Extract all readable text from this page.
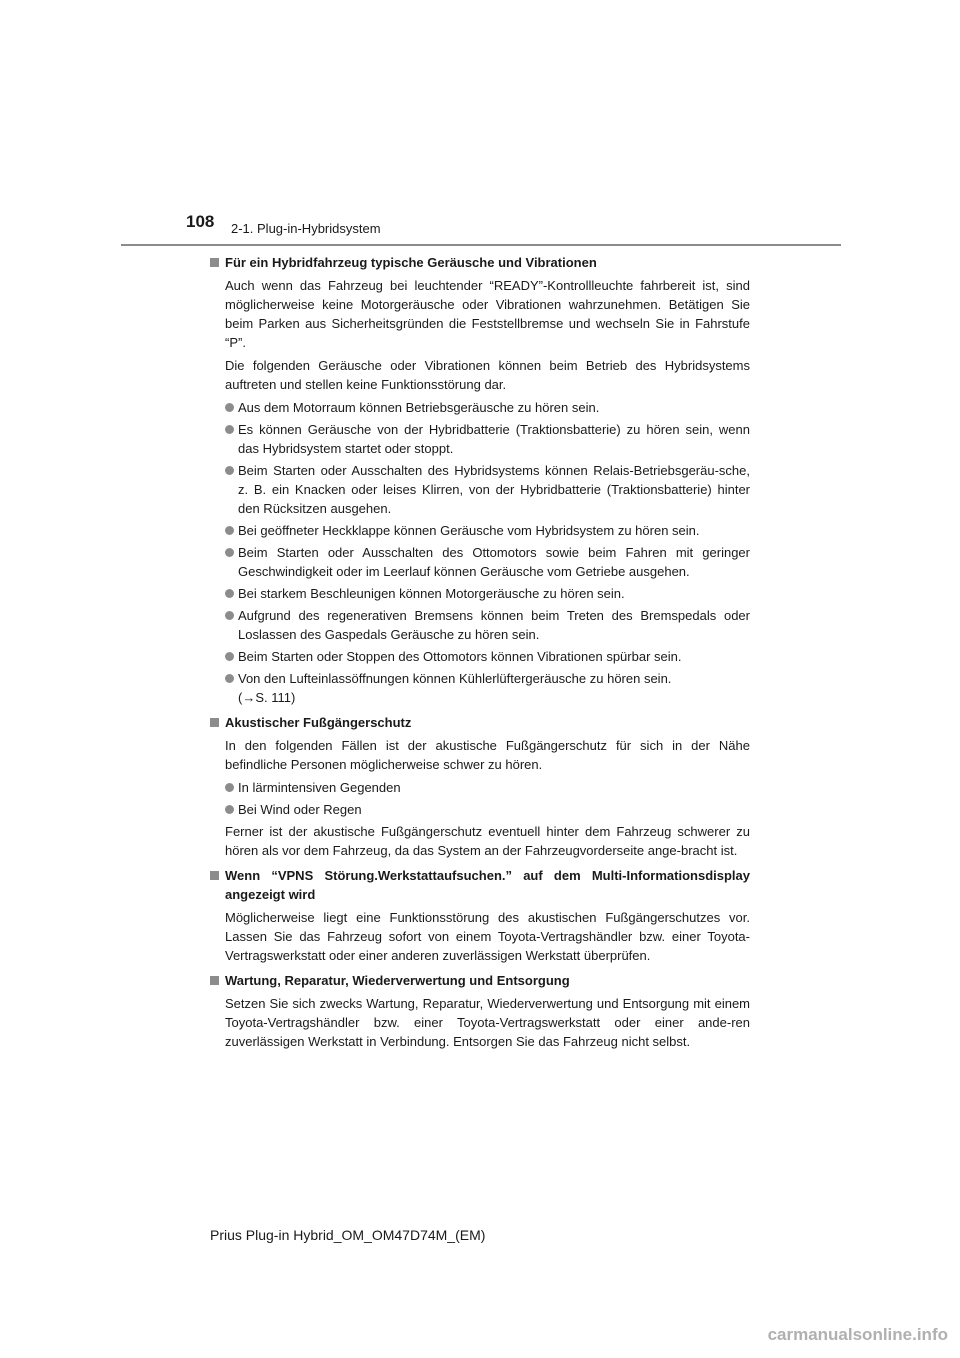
108 2-1. Plug-in-Hybridsystem
Für ein Hybridfahrzeug typische Geräusche und Vibrationen
Auch wenn das Fahrzeug bei leuchtender “READY”-Kontrollleuchte fahrbereit ist, sind möglicherweise keine Motorgeräusche oder Vibrationen wahrzunehmen. Betätigen Sie beim Parken aus Sicherheitsgründen die Feststellbremse und wechseln Sie in Fahrstufe “P”.
Die folgenden Geräusche oder Vibrationen können beim Betrieb des Hybridsystems auftreten und stellen keine Funktionsstörung dar.
Aus dem Motorraum können Betriebsgeräusche zu hören sein.
Es können Geräusche von der Hybridbatterie (Traktionsbatterie) zu hören sein, wenn das Hybridsystem startet oder stoppt.
Beim Starten oder Ausschalten des Hybridsystems können Relais-Betriebsgeräu-sche, z. B. ein Knacken oder leises Klirren, von der Hybridbatterie (Traktionsbatterie) hinter den Rücksitzen ausgehen.
Bei geöffneter Heckklappe können Geräusche vom Hybridsystem zu hören sein.
Beim Starten oder Ausschalten des Ottomotors sowie beim Fahren mit geringer Geschwindigkeit oder im Leerlauf können Geräusche vom Getriebe ausgehen.
Bei starkem Beschleunigen können Motorgeräusche zu hören sein.
Aufgrund des regenerativen Bremsens können beim Treten des Bremspedals oder Loslassen des Gaspedals Geräusche zu hören sein.
Beim Starten oder Stoppen des Ottomotors können Vibrationen spürbar sein.
Von den Lufteinlassöffnungen können Kühlerlüftergeräusche zu hören sein.
(→S. 111)
Akustischer Fußgängerschutz
In den folgenden Fällen ist der akustische Fußgängerschutz für sich in der Nähe befindliche Personen möglicherweise schwer zu hören.
In lärmintensiven Gegenden
Bei Wind oder Regen
Ferner ist der akustische Fußgängerschutz eventuell hinter dem Fahrzeug schwerer zu hören als vor dem Fahrzeug, da das System an der Fahrzeugvorderseite ange-bracht ist.
Wenn “VPNS Störung.Werkstattaufsuchen.” auf dem Multi-Informationsdisplay angezeigt wird
Möglicherweise liegt eine Funktionsstörung des akustischen Fußgängerschutzes vor. Lassen Sie das Fahrzeug sofort von einem Toyota-Vertragshändler bzw. einer Toyota-Vertragswerkstatt oder einer anderen zuverlässigen Werkstatt überprüfen.
Wartung, Reparatur, Wiederverwertung und Entsorgung
Setzen Sie sich zwecks Wartung, Reparatur, Wiederverwertung und Entsorgung mit einem Toyota-Vertragshändler bzw. einer Toyota-Vertragswerkstatt oder einer ande-ren zuverlässigen Werkstatt in Verbindung. Entsorgen Sie das Fahrzeug nicht selbst.
Prius Plug-in Hybrid_OM_OM47D74M_(EM)
carmanualsonline.info
